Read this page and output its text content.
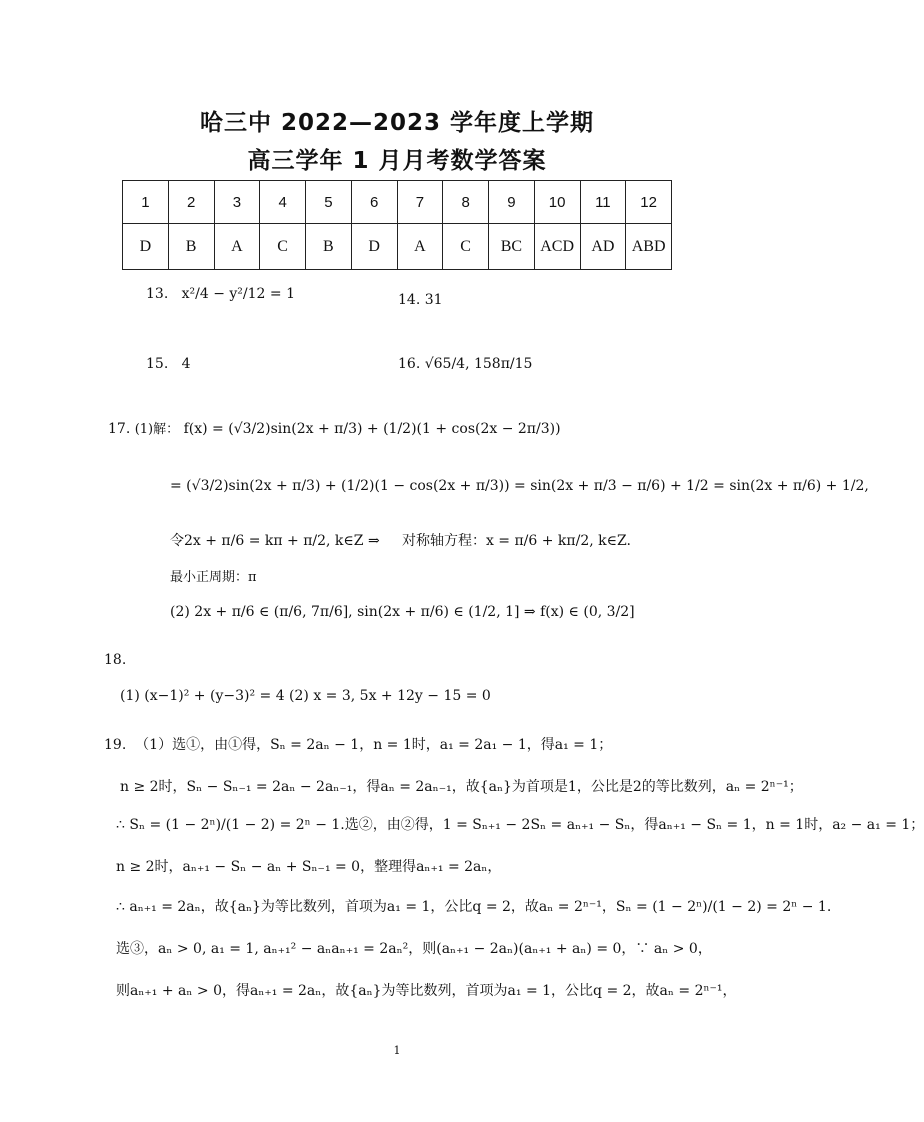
哈三中 2022—2023 学年度上学期
高三学年 1 月月考数学答案
1	2	3	4	5	6	7	8	9	10	11	12
D	B	A	C	B	D	A	C	BC	ACD	AD	ABD
13. x²/4 − y²/12 = 1	14. 31
15. 4	16. √65/4, 158π/15
17. (1)解： f(x) = (√3/2)sin(2x + π/3) + (1/2)(1 + cos(2x − 2π/3))
= (√3/2)sin(2x + π/3) + (1/2)(1 − cos(2x + π/3)) = sin(2x + π/3 − π/6) + 1/2 = sin(2x + π/6) + 1/2,
令2x + π/6 = kπ + π/2, k∈Z ⇒ 对称轴方程：x = π/6 + kπ/2, k∈Z.
最小正周期：π
(2) 2x + π/6 ∈ (π/6, 7π/6], sin(2x + π/6) ∈ (1/2, 1] ⇒ f(x) ∈ (0, 3/2]
18.
(1) (x−1)² + (y−3)² = 4 (2) x = 3, 5x + 12y − 15 = 0
19. （1）选①，由①得，Sₙ = 2aₙ − 1，n = 1时，a₁ = 2a₁ − 1，得a₁ = 1；
n ≥ 2时，Sₙ − Sₙ₋₁ = 2aₙ − 2aₙ₋₁，得aₙ = 2aₙ₋₁，故{aₙ}为首项是1，公比是2的等比数列，aₙ = 2ⁿ⁻¹；
∴ Sₙ = (1 − 2ⁿ)/(1 − 2) = 2ⁿ − 1.选②，由②得，1 = Sₙ₊₁ − 2Sₙ = aₙ₊₁ − Sₙ，得aₙ₊₁ − Sₙ = 1，n = 1时，a₂ − a₁ = 1；
n ≥ 2时，aₙ₊₁ − Sₙ − aₙ + Sₙ₋₁ = 0，整理得aₙ₊₁ = 2aₙ，
∴ aₙ₊₁ = 2aₙ，故{aₙ}为等比数列，首项为a₁ = 1，公比q = 2，故aₙ = 2ⁿ⁻¹，Sₙ = (1 − 2ⁿ)/(1 − 2) = 2ⁿ − 1.
选③，aₙ > 0, a₁ = 1, aₙ₊₁² − aₙaₙ₊₁ = 2aₙ²，则(aₙ₊₁ − 2aₙ)(aₙ₊₁ + aₙ) = 0，∵ aₙ > 0，
则aₙ₊₁ + aₙ > 0，得aₙ₊₁ = 2aₙ，故{aₙ}为等比数列，首项为a₁ = 1，公比q = 2，故aₙ = 2ⁿ⁻¹，
1
